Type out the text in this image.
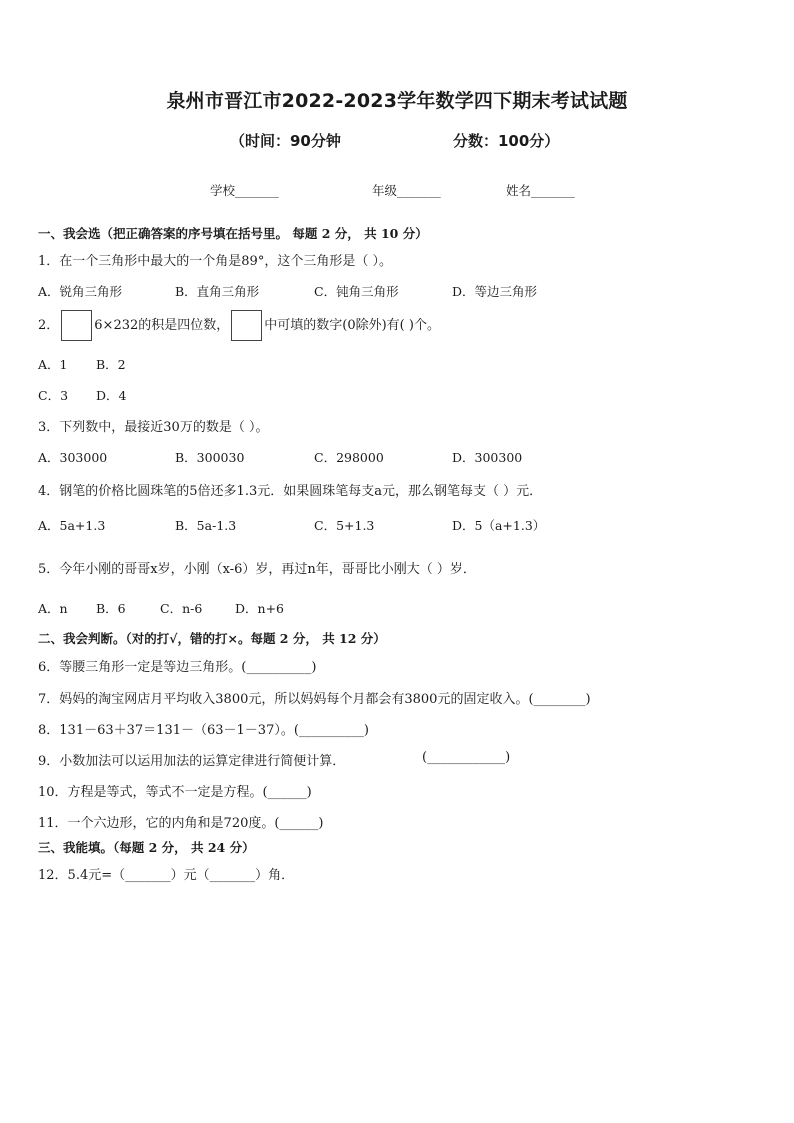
泉州市晋江市2022-2023学年数学四下期末考试试题
（时间：90分钟	分数：100分）
学校_______	年级_______	姓名_______
一、我会选（把正确答案的序号填在括号里。 每题 2 分， 共 10 分）
1．在一个三角形中最大的一个角是89°，这个三角形是（ ）。
A．锐角三角形	B．直角三角形	C．钝角三角形	D．等边三角形
2．	6×232的积是四位数，	中可填的数字(0除外)有( )个。
A．1 B．2
C．3 D．4
3．下列数中，最接近30万的数是（ ）。
A．303000	B．300030	C．298000	D．300300
4．钢笔的价格比圆珠笔的5倍还多1.3元．如果圆珠笔每支a元，那么钢笔每支（ ）元．
A．5a+1.3	B．5a-1.3	C．5+1.3	D．5（a+1.3）
5．今年小刚的哥哥x岁，小刚（x-6）岁，再过n年，哥哥比小刚大（ ）岁．
A．n B．6	C．n-6	D．n+6
二、我会判断。（对的打√，错的打×。每题 2 分， 共 12 分）
6．等腰三角形一定是等边三角形。(__________)
7．妈妈的淘宝网店月平均收入3800元，所以妈妈每个月都会有3800元的固定收入。(________)
8．131－63＋37＝131－（63－1－37）。(__________)
9．小数加法可以运用加法的运算定律进行简便计算．	(____________)
10．方程是等式，等式不一定是方程。(______)
11．一个六边形，它的内角和是720度。(______)
三、我能填。（每题 2 分， 共 24 分）
12．5.4元=（_______）元（_______）角．
